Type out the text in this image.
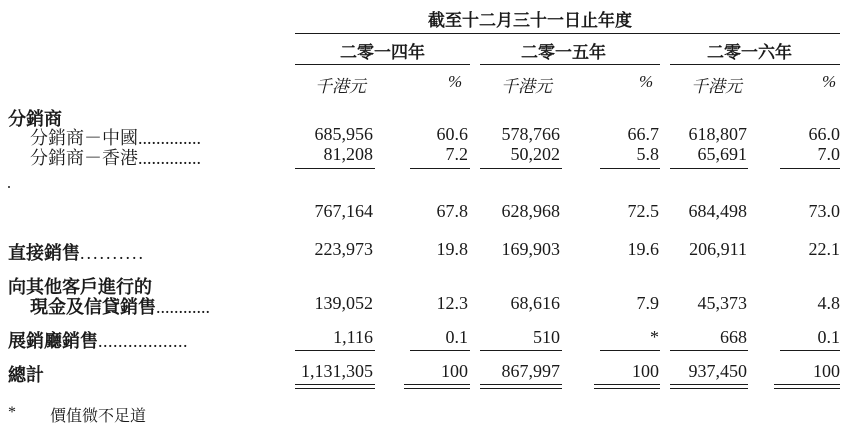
截至十二月三十一日止年度
二零一四年	二零一五年	二零一六年
千港元	% 千港元	% 千港元	%
分銷商
分銷商－中國..............	685,956	60.6 578,766	66.7 618,807	66.0
分銷商－香港..............	81,208	7.2 50,202	5.8 65,691	7.0
767,164	67.8 628,968	72.5 684,498	73.0
直接銷售..........	223,973	19.8 169,903	19.6 206,911	22.1
向其他客戶進行的
現金及信貸銷售............	139,052	12.3 68,616	7.9 45,373	4.8
展銷廳銷售..................	1,116	0.1	510	*	668	0.1
總計	1,131,305	100 867,997	100 937,450	100
* 價值微不足道
